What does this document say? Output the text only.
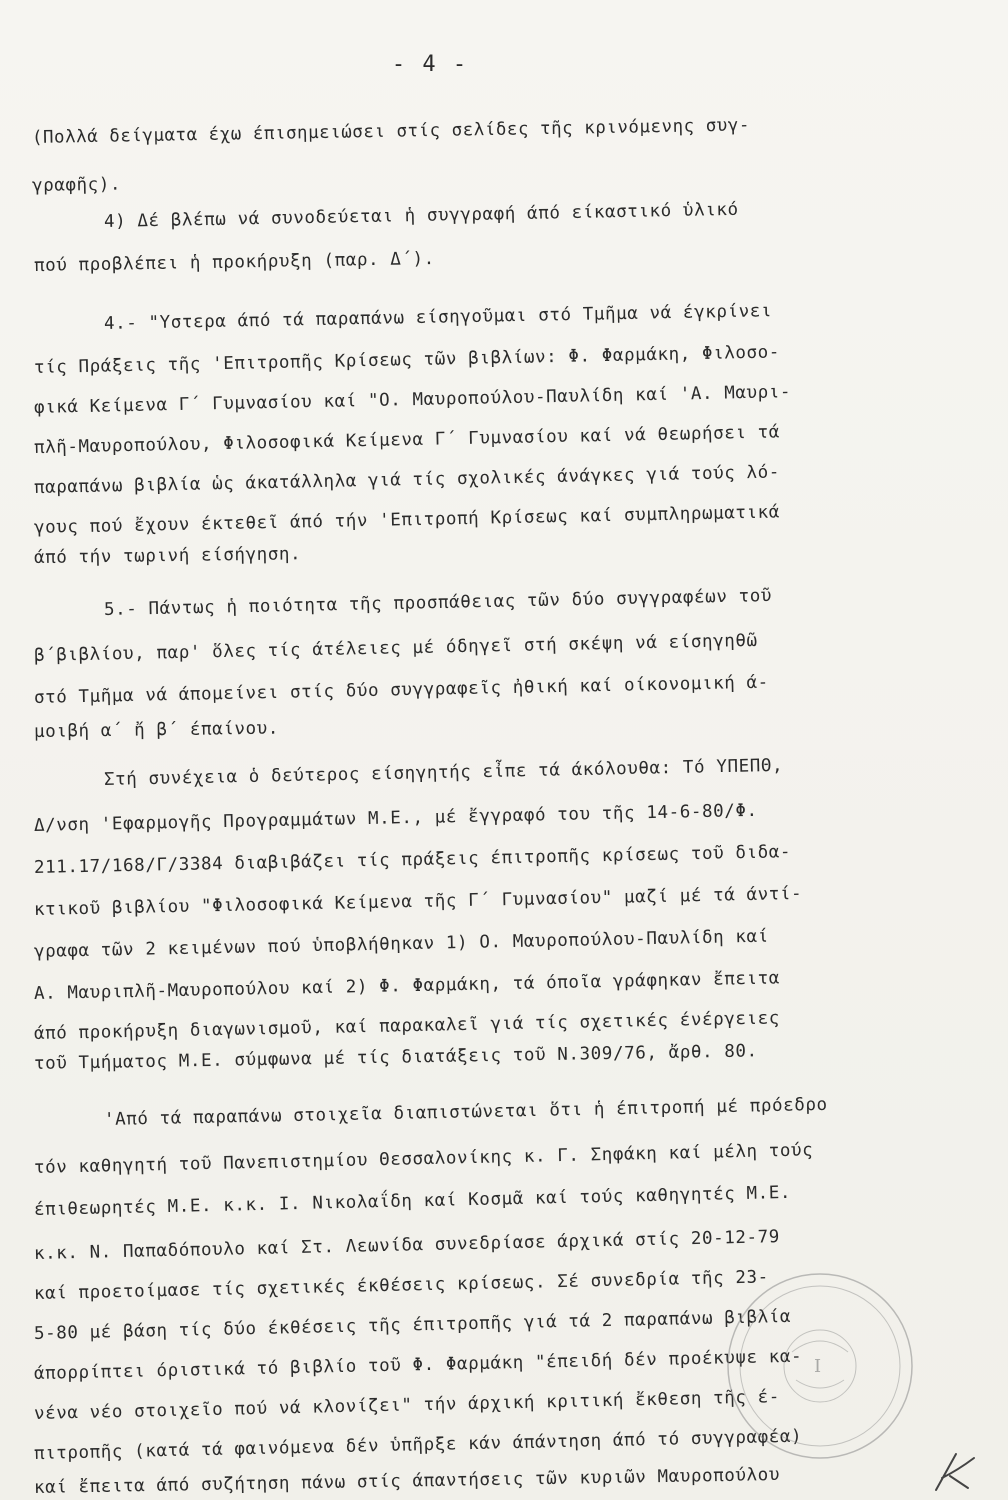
- 4 -
(Πολλά δείγματα έχω έπισημειώσει στίς σελίδες τῆς κρινόμενης συγ-
γραφῆς).
4) Δέ βλέπω νά συνοδεύεται ἡ συγγραφή άπό είκαστικό ὑλικό
πού προβλέπει ἡ προκήρυξη (παρ. Δ΄).
4.- "Υστερα άπό τά παραπάνω είσηγοῦμαι στό Τμῆμα νά έγκρίνει
τίς Πράξεις τῆς 'Επιτροπῆς Κρίσεως τῶν βιβλίων: Φ. Φαρμάκη, Φιλοσο-
φικά Κείμενα Γ΄ Γυμνασίου καί "Ο. Μαυροπούλου-Παυλίδη καί 'Α. Μαυρι-
πλῆ-Μαυροπούλου, Φιλοσοφικά Κείμενα Γ΄ Γυμνασίου καί νά θεωρήσει τά
παραπάνω βιβλία ὡς άκατάλληλα γιά τίς σχολικές άνάγκες γιά τούς λό-
γους πού ἔχουν έκτεθεῖ άπό τήν 'Επιτροπή Κρίσεως καί συμπληρωματικά
άπό τήν τωρινή είσήγηση.
5.- Πάντως ἡ ποιότητα τῆς προσπάθειας τῶν δύο συγγραφέων τοῦ
β΄βιβλίου, παρ' ὅλες τίς άτέλειες μέ όδηγεῖ στή σκέψη νά είσηγηθῶ
στό Τμῆμα νά άπομείνει στίς δύο συγγραφεῖς ἠθική καί οίκονομική ά-
μοιβή α΄ ἤ β΄ έπαίνου.
Στή συνέχεια ὁ δεύτερος είσηγητής εἶπε τά άκόλουθα: Τό ΥΠΕΠΘ,
Δ/νση 'Εφαρμογῆς Προγραμμάτων Μ.Ε., μέ ἔγγραφό του τῆς 14-6-80/Φ.
211.17/168/Γ/3384 διαβιβάζει τίς πράξεις έπιτροπῆς κρίσεως τοῦ διδα-
κτικοῦ βιβλίου "Φιλοσοφικά Κείμενα τῆς Γ΄ Γυμνασίου" μαζί μέ τά άντί-
γραφα τῶν 2 κειμένων πού ὑποβλήθηκαν 1) Ο. Μαυροπούλου-Παυλίδη καί
Α. Μαυριπλῆ-Μαυροπούλου καί 2) Φ. Φαρμάκη, τά όποῖα γράφηκαν ἔπειτα
άπό προκήρυξη διαγωνισμοῦ, καί παρακαλεῖ γιά τίς σχετικές ένέργειες
τοῦ Τμήματος Μ.Ε. σύμφωνα μέ τίς διατάξεις τοῦ Ν.309/76, ἄρθ. 80.
'Από τά παραπάνω στοιχεῖα διαπιστώνεται ὅτι ἡ έπιτροπή μέ πρόεδρο
τόν καθηγητή τοῦ Πανεπιστημίου Θεσσαλονίκης κ. Γ. Σηφάκη καί μέλη τούς
έπιθεωρητές Μ.Ε. κ.κ. Ι. Νικολαΐδη καί Κοσμᾶ καί τούς καθηγητές Μ.Ε.
κ.κ. Ν. Παπαδόπουλο καί Στ. Λεωνίδα συνεδρίασε άρχικά στίς 20-12-79
καί προετοίμασε τίς σχετικές έκθέσεις κρίσεως. Σέ συνεδρία τῆς 23-
5-80 μέ βάση τίς δύο έκθέσεις τῆς έπιτροπῆς γιά τά 2 παραπάνω βιβλία
άπορρίπτει όριστικά τό βιβλίο τοῦ Φ. Φαρμάκη "έπειδή δέν προέκυψε κα-
νένα νέο στοιχεῖο πού νά κλονίζει" τήν άρχική κριτική ἔκθεση τῆς έ-
πιτροπῆς (κατά τά φαινόμενα δέν ὑπῆρξε κάν άπάντηση άπό τό συγγραφέα)
καί ἔπειτα άπό συζήτηση πάνω στίς άπαντήσεις τῶν κυριῶν Μαυροπούλου
Ι
